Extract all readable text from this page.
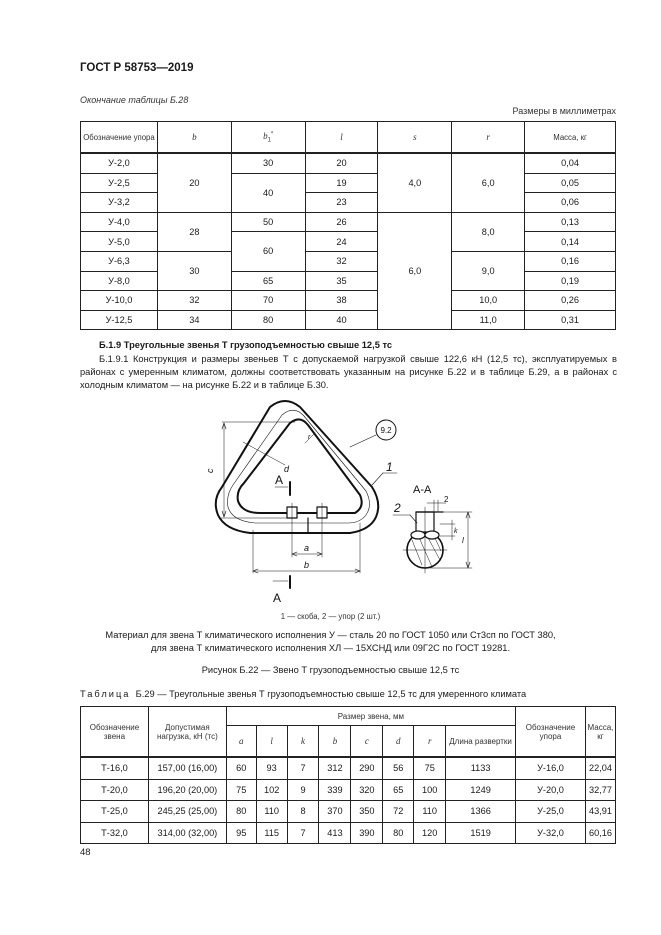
ГОСТ Р 58753—2019
Окончание таблицы Б.28
Размеры в миллиметрах
Обозначение упора	b	$b_1^*$	l	s	r	Масса, кг
У-2,0	20	30	20	4,0	6,0	0,04
У-2,5		40	19			0,05
У-3,2			23			0,06
У-4,0	28	50	26	6,0	8,0	0,13
У-5,0		60	24			0,14
У-6,3	30		32		9,0	0,16
У-8,0		65	35			0,19
У-10,0	32	70	38		10,0	0,26
У-12,5	34	80	40		11,0	0,31
Б.1.9 Треугольные звенья Т грузоподъемностью свыше 12,5 тс
Б.1.9.1 Конструкция и размеры звеньев Т с допускаемой нагрузкой свыше 122,6 кН (12,5 тс), эксплуатируемых в районах с умеренным климатом, должны соответствовать указанным на рисунке Б.22 и в таблице Б.29, а в районах с холодным климатом — на рисунке Б.22 и в таблице Б.30.
c	d
r
a
b
А
А
9.2
1
2
А-А
2
k
l
1 — скоба, 2 — упор (2 шт.)
Материал для звена Т климатического исполнения У — сталь 20 по ГОСТ 1050 или Ст3сп по ГОСТ 380,
для звена Т климатического исполнения ХЛ — 15ХСНД или 09Г2С по ГОСТ 19281.
Рисунок Б.22 — Звено Т грузоподъемностью свыше 12,5 тс
Таблица Б.29 — Треугольные звенья Т грузоподъемностью свыше 12,5 тс для умеренного климата
Обозначение звена	Допустимая нагрузка, кН (тс)	Размер звена, мм								Обозначение упора	Масса, кг
		a	l	k	b	c	d	r	Длина развертки		
Т-16,0	157,00 (16,00)	60	93	7	312	290	56	75	1133	У-16,0	22,04
Т-20,0	196,20 (20,00)	75	102	9	339	320	65	100	1249	У-20,0	32,77
Т-25,0	245,25 (25,00)	80	110	8	370	350	72	110	1366	У-25,0	43,91
Т-32,0	314,00 (32,00)	95	115	7	413	390	80	120	1519	У-32,0	60,16
48
